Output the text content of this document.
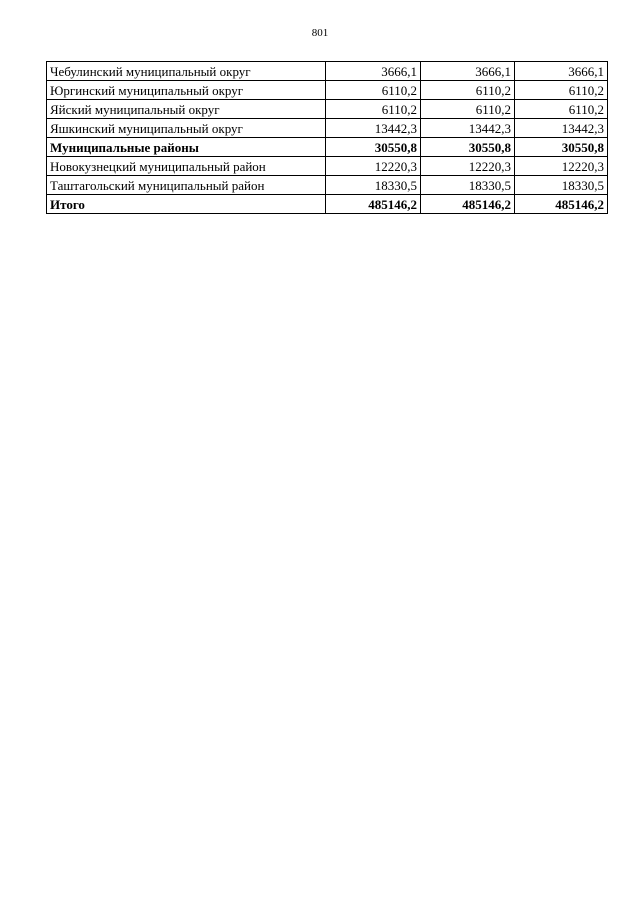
801
Чебулинский муниципальный округ	3666,1	3666,1	3666,1
Юргинский муниципальный округ	6110,2	6110,2	6110,2
Яйский муниципальный округ	6110,2	6110,2	6110,2
Яшкинский муниципальный округ	13442,3	13442,3	13442,3
Муниципальные районы	30550,8	30550,8	30550,8
Новокузнецкий муниципальный район	12220,3	12220,3	12220,3
Таштагольский муниципальный район	18330,5	18330,5	18330,5
Итого	485146,2	485146,2	485146,2
